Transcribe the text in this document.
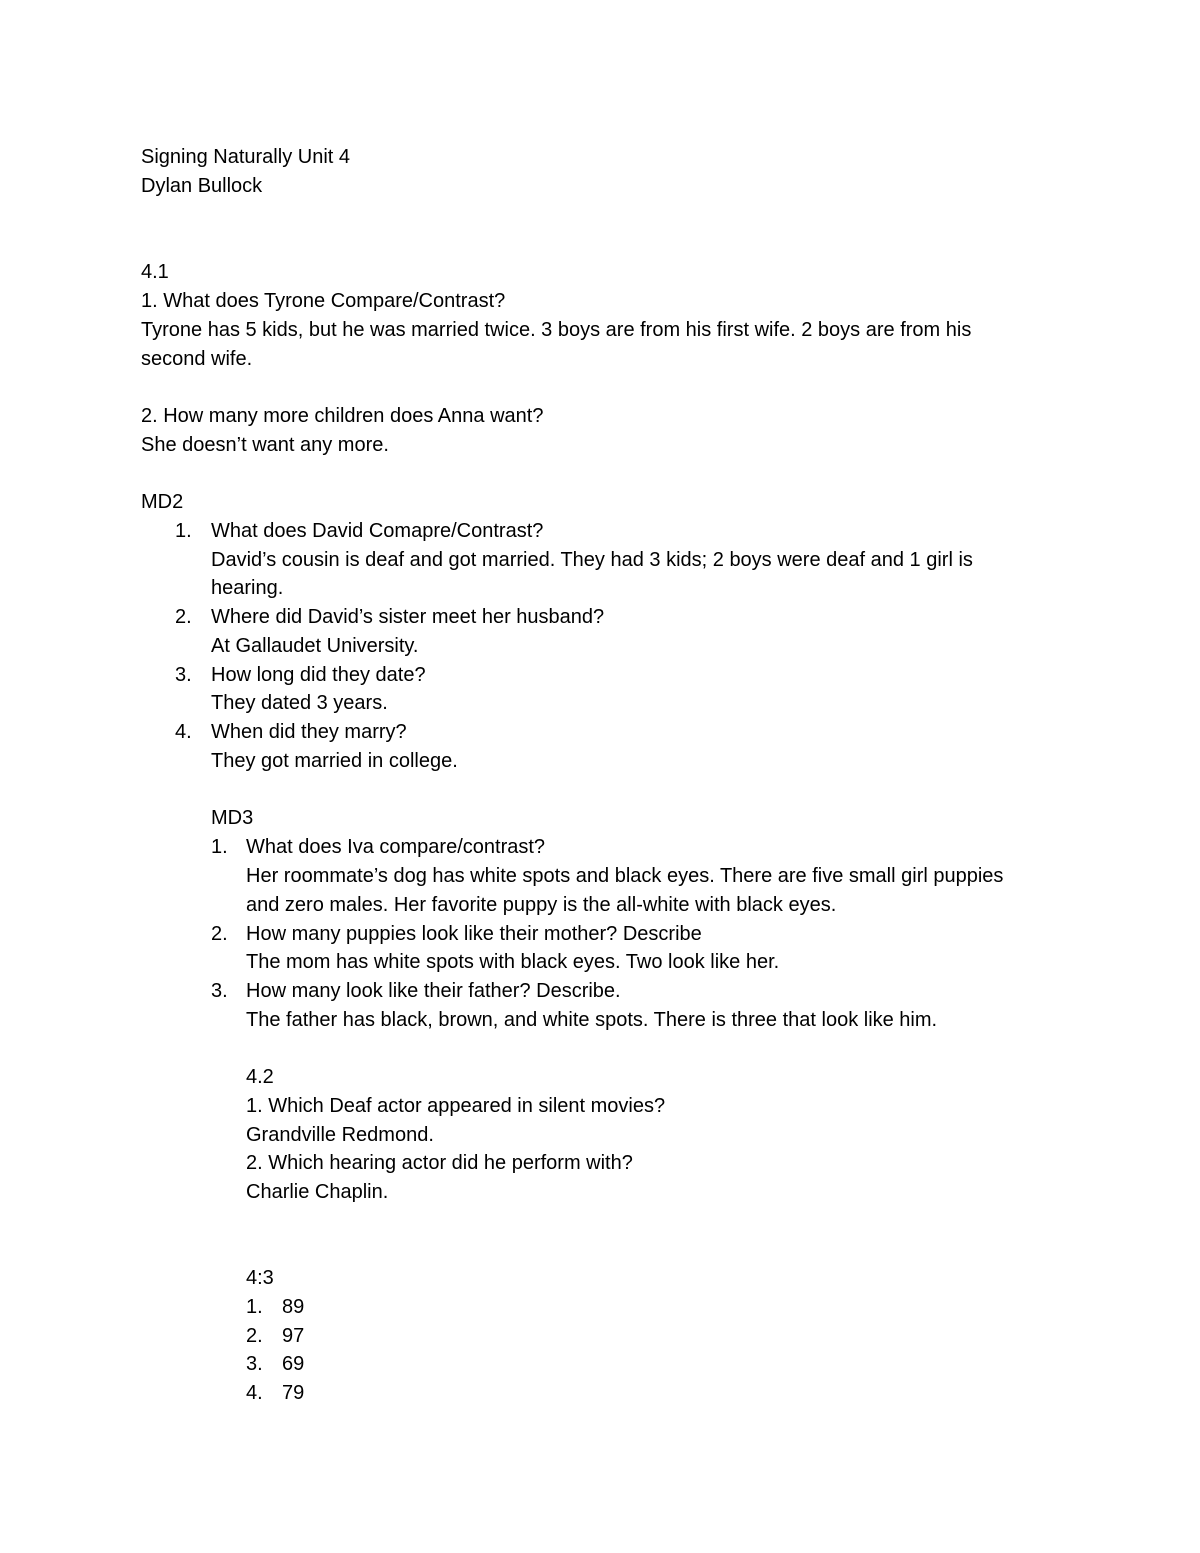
Signing Naturally Unit 4
Dylan Bullock
4.1
1. What does Tyrone Compare/Contrast?
Tyrone has 5 kids, but he was married twice. 3 boys are from his first wife. 2 boys are from his
second wife.
2. How many more children does Anna want?
She doesn’t want any more.
MD2
1. What does David Comapre/Contrast?
David’s cousin is deaf and got married. They had 3 kids; 2 boys were deaf and 1 girl is
hearing.
2. Where did David’s sister meet her husband?
At Gallaudet University.
3. How long did they date?
They dated 3 years.
4. When did they marry?
They got married in college.
MD3
1. What does Iva compare/contrast?
Her roommate’s dog has white spots and black eyes. There are five small girl puppies
and zero males. Her favorite puppy is the all-white with black eyes.
2. How many puppies look like their mother? Describe
The mom has white spots with black eyes. Two look like her.
3. How many look like their father? Describe.
The father has black, brown, and white spots. There is three that look like him.
4.2
1. Which Deaf actor appeared in silent movies?
Grandville Redmond.
2. Which hearing actor did he perform with?
Charlie Chaplin.
4:3
1. 89
2. 97
3. 69
4. 79
